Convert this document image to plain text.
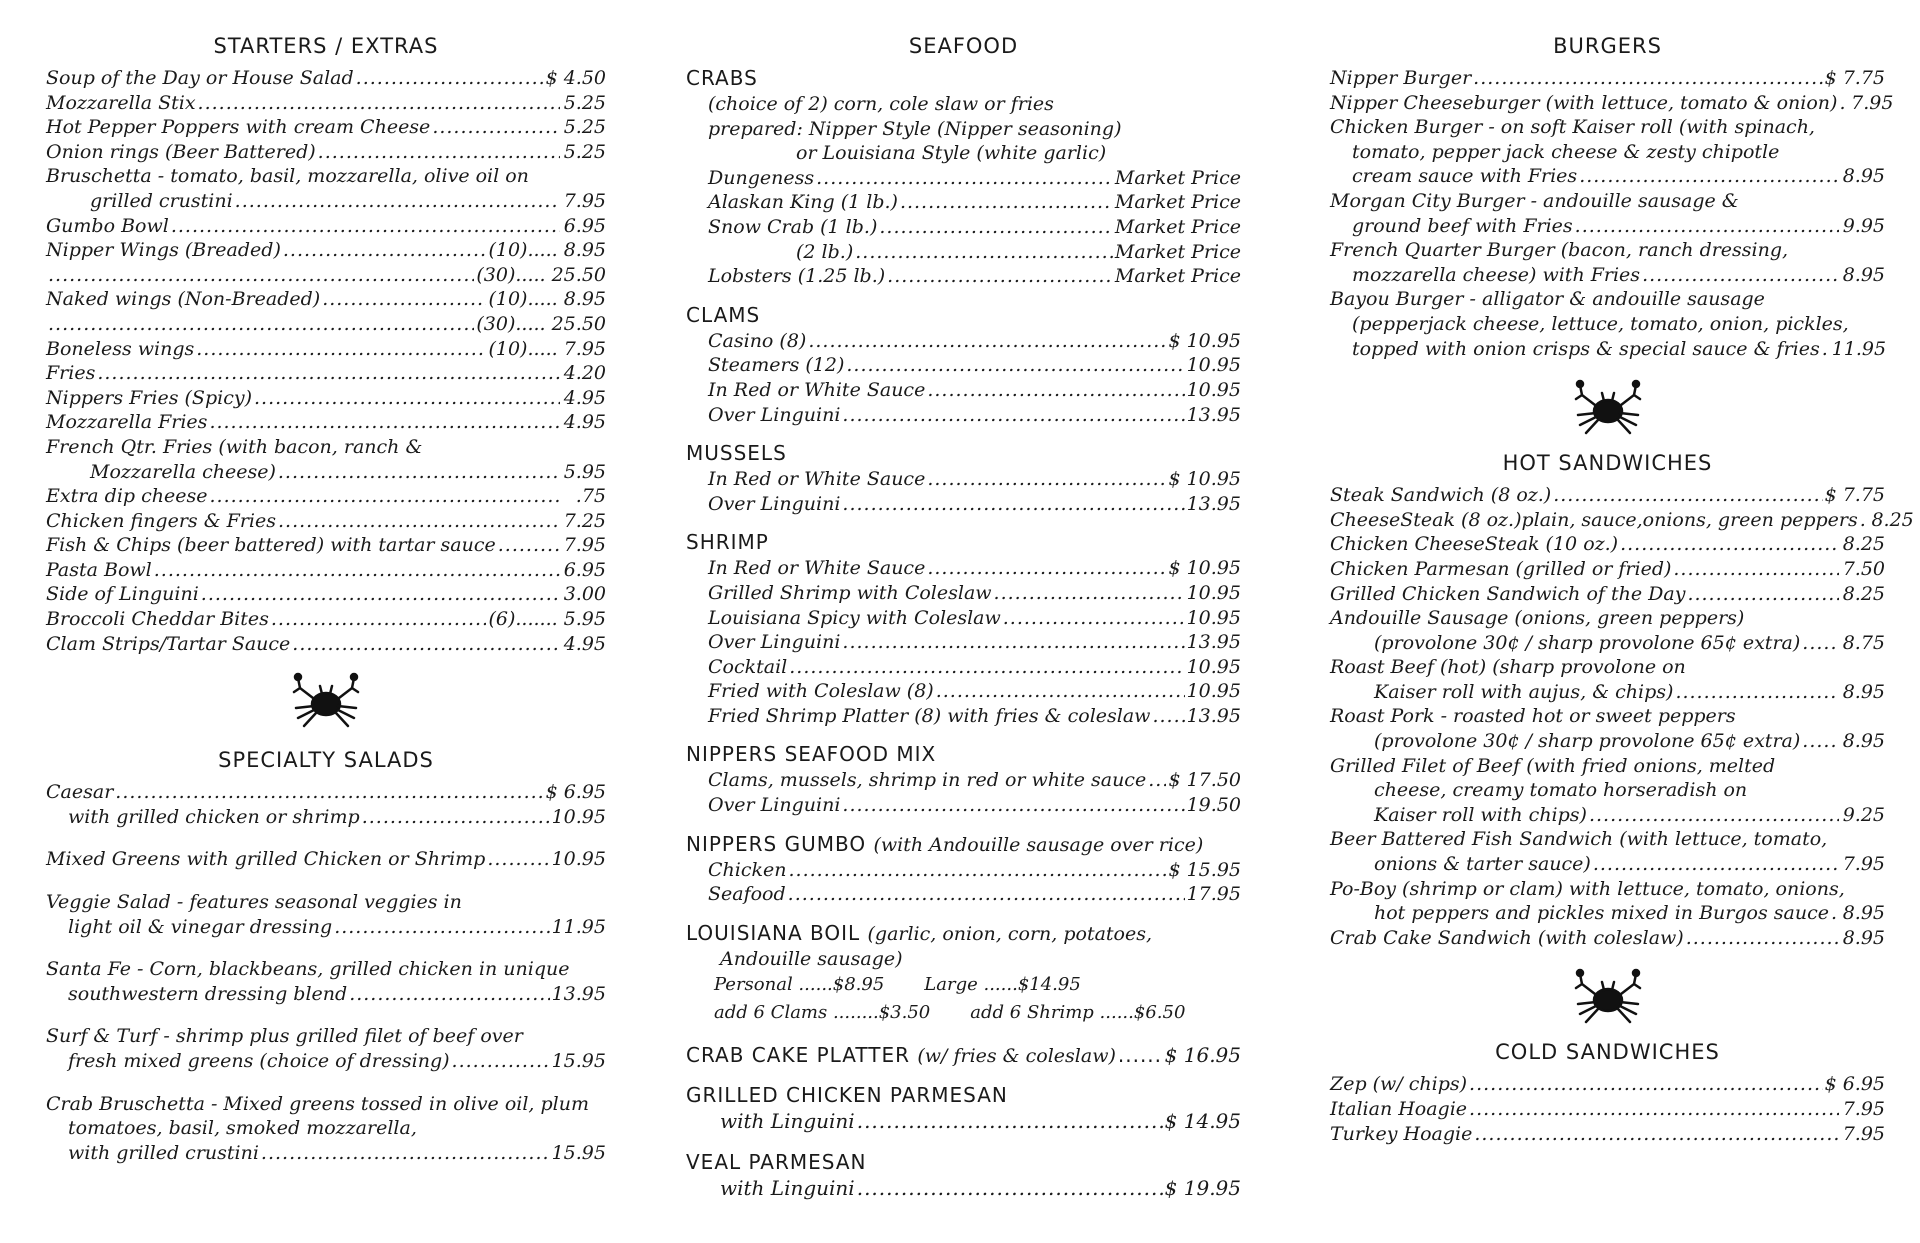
STARTERS / EXTRAS
Soup of the Day or House Salad .....	$ 4.50
Mozzarella Stix .....	5.25
Hot Pepper Poppers with cream Cheese .....	5.25
Onion rings (Beer Battered) .....	5.25
Bruschetta - tomato, basil, mozzarella, olive oil on
grilled crustini .....	7.95
Gumbo Bowl .....	6.95
Nipper Wings (Breaded) .....	(10)..... 8.95
.....
(30)..... 25.50
Naked wings (Non-Breaded) .....	(10)..... 8.95
.....
(30)..... 25.50
Boneless wings .....	(10)..... 7.95
Fries .....	4.20
Nippers Fries (Spicy) .....	4.95
Mozzarella Fries .....	4.95
French Qtr. Fries (with bacon, ranch &
Mozzarella cheese) .....	5.95
Extra dip cheese .....	.75
Chicken fingers & Fries .....	7.25
Fish & Chips (beer battered) with tartar sauce .....	7.95
Pasta Bowl .....	6.95
Side of Linguini .....	3.00
Broccoli Cheddar Bites .....	(6)....... 5.95
Clam Strips/Tartar Sauce .....	4.95
SPECIALTY SALADS
Caesar .....	$ 6.95
with grilled chicken or shrimp .....	10.95
Mixed Greens with grilled Chicken or Shrimp .....	10.95
Veggie Salad - features seasonal veggies in
light oil & vinegar dressing .....	11.95
Santa Fe - Corn, blackbeans, grilled chicken in unique
southwestern dressing blend .....	13.95
Surf & Turf - shrimp plus grilled filet of beef over
fresh mixed greens (choice of dressing) .....	15.95
Crab Bruschetta - Mixed greens tossed in olive oil, plum
tomatoes, basil, smoked mozzarella,
with grilled crustini .....	15.95
SEAFOOD
CRABS
(choice of 2) corn, cole slaw or fries
prepared: Nipper Style (Nipper seasoning)
or Louisiana Style (white garlic)
Dungeness .....	Market Price
Alaskan King (1 lb.) .....	Market Price
Snow Crab (1 lb.) .....	Market Price
(2 lb.) .....	Market Price
Lobsters (1.25 lb.) .....	Market Price
CLAMS
Casino (8) .....	$ 10.95
Steamers (12) .....	10.95
In Red or White Sauce .....	10.95
Over Linguini .....	13.95
MUSSELS
In Red or White Sauce .....	$ 10.95
Over Linguini .....	13.95
SHRIMP
In Red or White Sauce .....	$ 10.95
Grilled Shrimp with Coleslaw .....	10.95
Louisiana Spicy with Coleslaw .....	10.95
Over Linguini .....	13.95
Cocktail .....	10.95
Fried with Coleslaw (8) .....	10.95
Fried Shrimp Platter (8) with fries & coleslaw ..... 13.95
NIPPERS SEAFOOD MIX
Clams, mussels, shrimp in red or white sauce ..... $ 17.50
Over Linguini .....	19.50
NIPPERS GUMBO (with Andouille sausage over rice)
Chicken .....	$ 15.95
Seafood .....	17.95
LOUISIANA BOIL (garlic, onion, corn, potatoes,
Andouille sausage)
Personal ......$8.95 Large ......$14.95
add 6 Clams ........$3.50 add 6 Shrimp ......$6.50
CRAB CAKE PLATTER (w/ fries & coleslaw) ..... $ 16.95
GRILLED CHICKEN PARMESAN
with Linguini .....	$ 14.95
VEAL PARMESAN
with Linguini .....	$ 19.95
BURGERS
Nipper Burger .....	$ 7.75
Nipper Cheeseburger (with lettuce, tomato & onion) ..... 7.95
Chicken Burger - on soft Kaiser roll (with spinach,
tomato, pepper jack cheese & zesty chipotle
cream sauce with Fries .....	8.95
Morgan City Burger - andouille sausage &
ground beef with Fries .....	9.95
French Quarter Burger (bacon, ranch dressing,
mozzarella cheese) with Fries .....	8.95
Bayou Burger - alligator & andouille sausage
(pepperjack cheese, lettuce, tomato, onion, pickles,
topped with onion crisps & special sauce & fries ..... 11.95
HOT SANDWICHES
Steak Sandwich (8 oz.) .....	$ 7.75
CheeseSteak (8 oz.)plain, sauce,onions, green peppers ..... 8.25
Chicken CheeseSteak (10 oz.) .....	8.25
Chicken Parmesan (grilled or fried) .....	7.50
Grilled Chicken Sandwich of the Day .....	8.25
Andouille Sausage (onions, green peppers)
(provolone 30¢ / sharp provolone 65¢ extra) ..... 8.75
Roast Beef (hot) (sharp provolone on
Kaiser roll with aujus, & chips) .....	8.95
Roast Pork - roasted hot or sweet peppers
(provolone 30¢ / sharp provolone 65¢ extra) ..... 8.95
Grilled Filet of Beef (with fried onions, melted
cheese, creamy tomato horseradish on
Kaiser roll with chips) .....	9.25
Beer Battered Fish Sandwich (with lettuce, tomato,
onions & tarter sauce) .....	7.95
Po-Boy (shrimp or clam) with lettuce, tomato, onions,
hot peppers and pickles mixed in Burgos sauce ..... 8.95
Crab Cake Sandwich (with coleslaw) .....	8.95
COLD SANDWICHES
Zep (w/ chips) .....	$ 6.95
Italian Hoagie .....	7.95
Turkey Hoagie .....	7.95
